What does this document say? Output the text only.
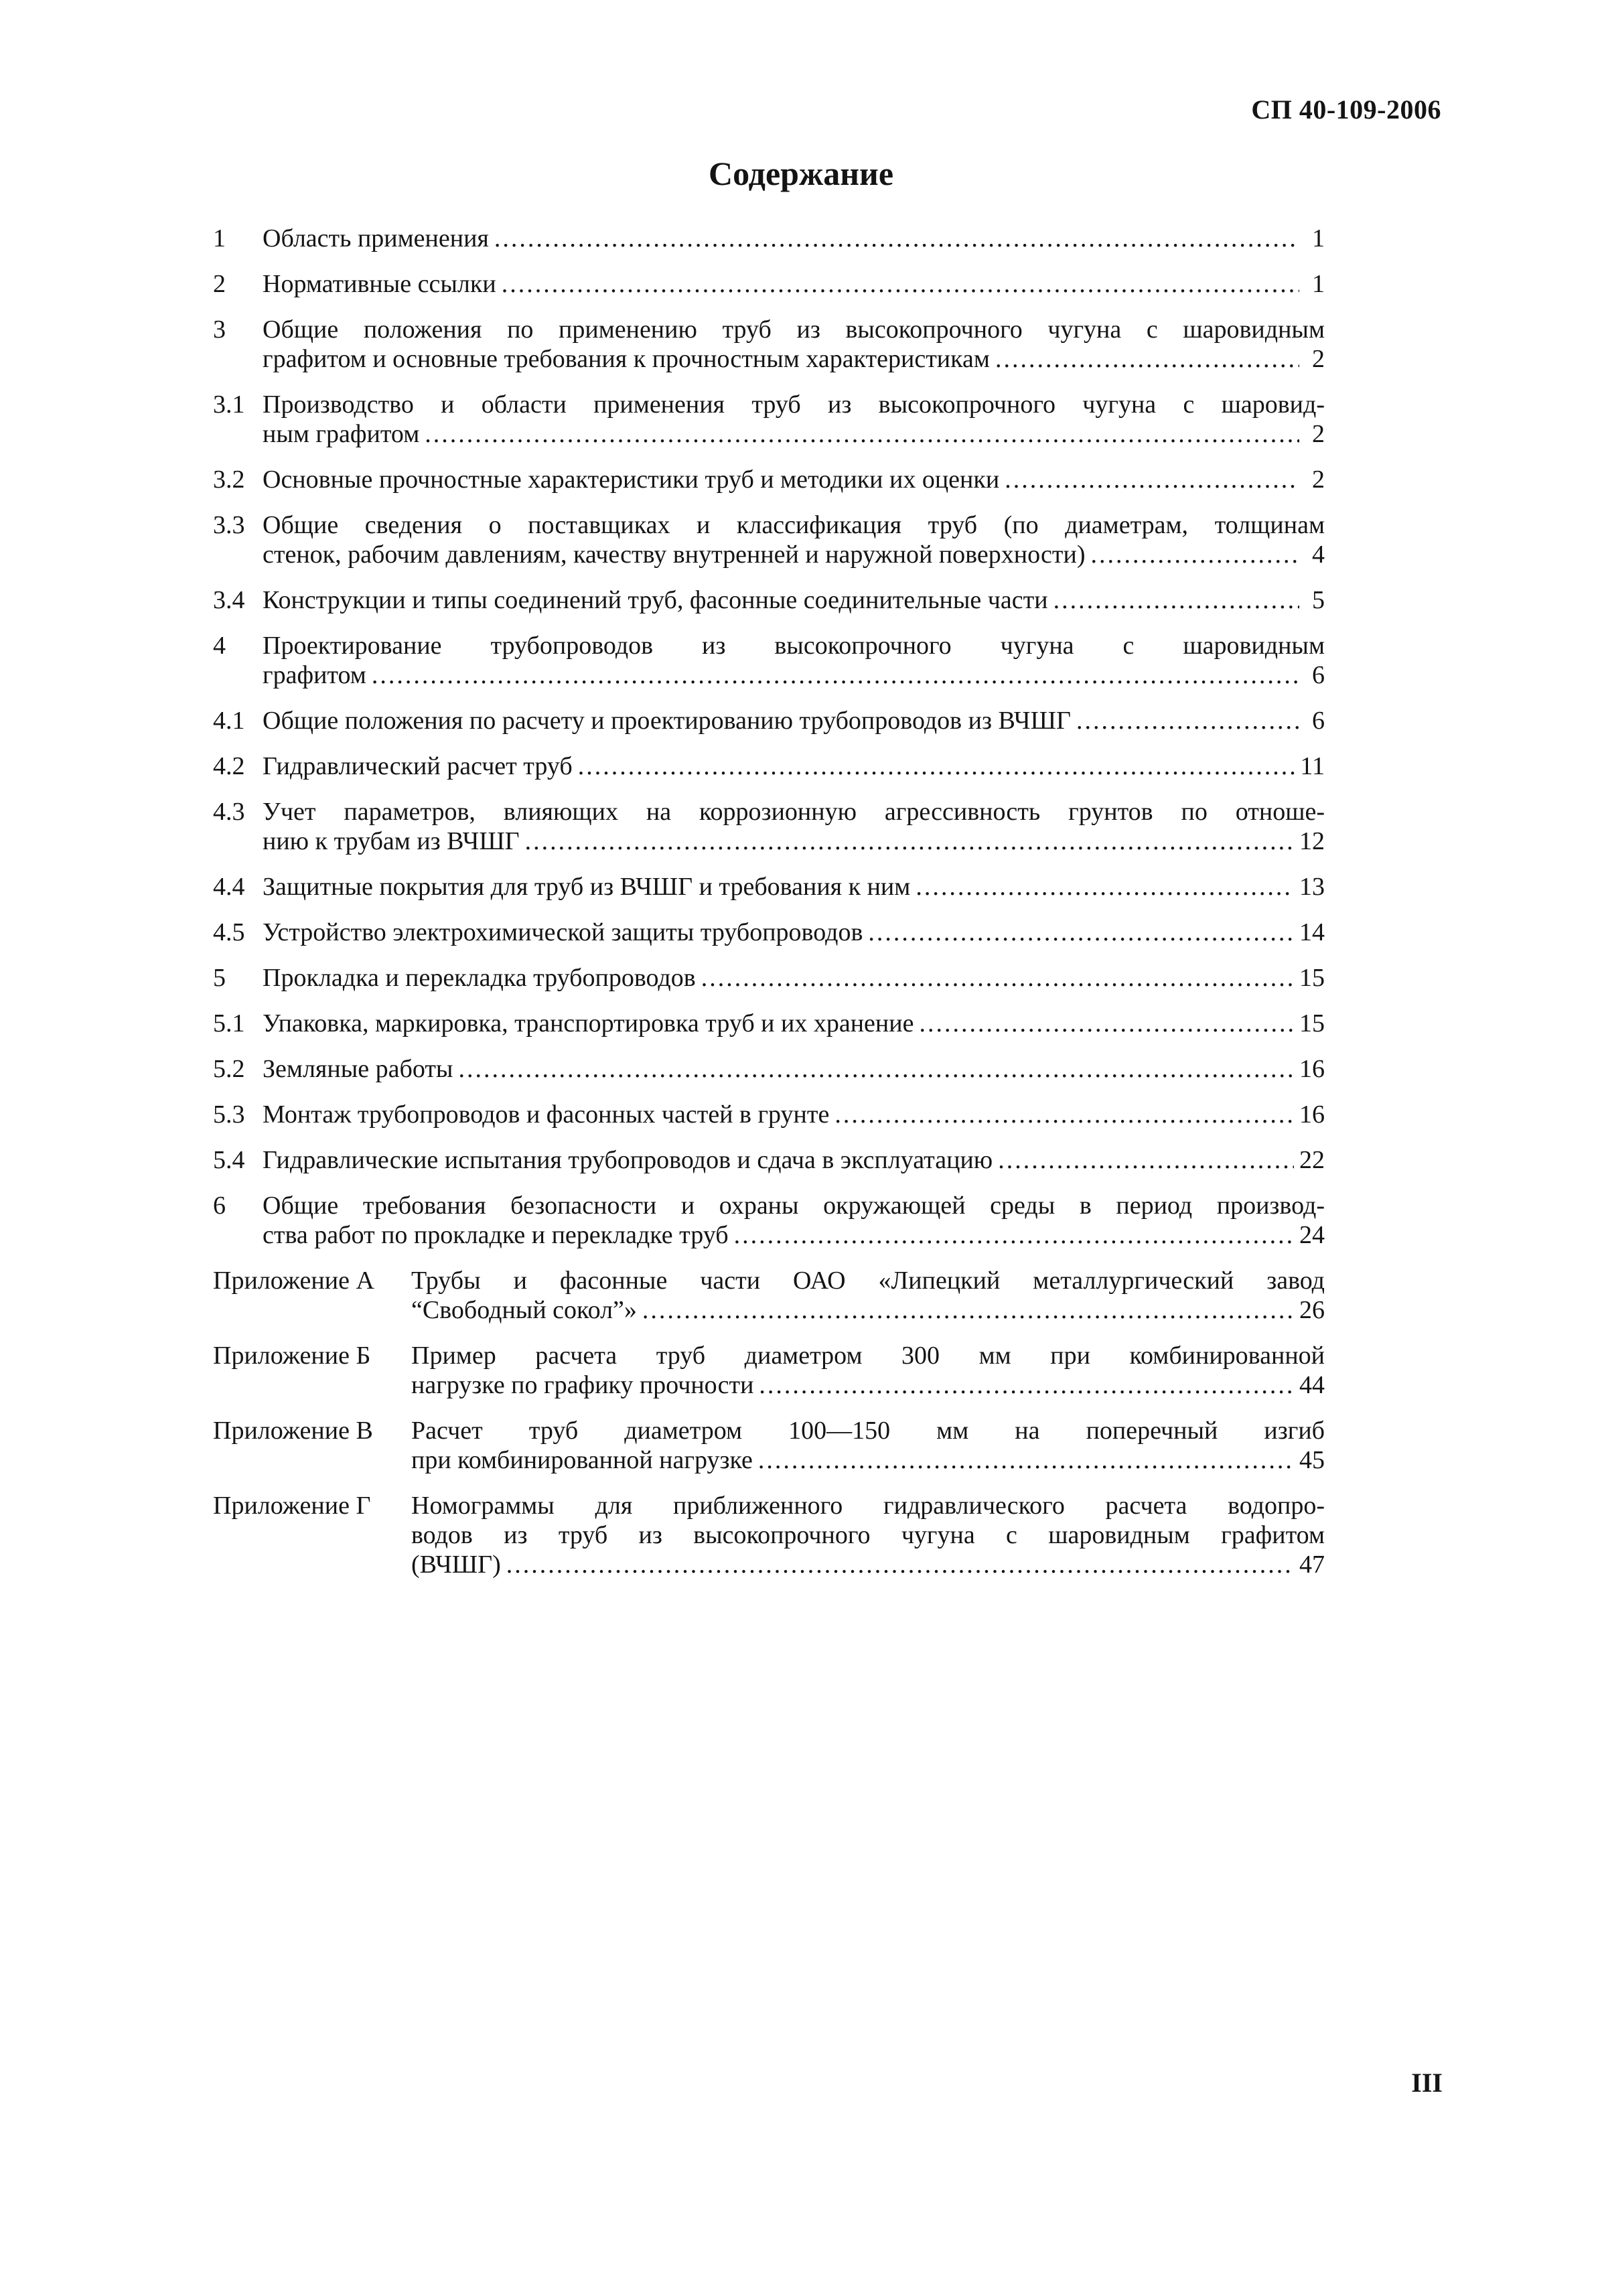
СП 40-109-2006
Содержание
1	Область применения .....	1
2	Нормативные ссылки .....	1
3	Общие положения по применению труб из высокопрочного чугуна с шаровидным
графитом и основные требования к прочностным характеристикам .....	2
3.1 Производство и области применения труб из высокопрочного чугуна с шаровид-
ным графитом .....	2
3.2 Основные прочностные характеристики труб и методики их оценки .....	2
3.3 Общие сведения о поставщиках и классификация труб (по диаметрам, толщинам
стенок, рабочим давлениям, качеству внутренней и наружной поверхности) .....	4
3.4 Конструкции и типы соединений труб, фасонные соединительные части .....	5
4	Проектирование трубопроводов из высокопрочного чугуна с шаровидным
графитом .....	6
4.1 Общие положения по расчету и проектированию трубопроводов из ВЧШГ .....	6
4.2 Гидравлический расчет труб .....	11
4.3 Учет параметров, влияющих на коррозионную агрессивность грунтов по отноше-
нию к трубам из ВЧШГ .....	12
4.4 Защитные покрытия для труб из ВЧШГ и требования к ним .....	13
4.5 Устройство электрохимической защиты трубопроводов .....	14
5	Прокладка и перекладка трубопроводов .....	15
5.1 Упаковка, маркировка, транспортировка труб и их хранение .....	15
5.2 Земляные работы .....	16
5.3 Монтаж трубопроводов и фасонных частей в грунте .....	16
5.4 Гидравлические испытания трубопроводов и сдача в эксплуатацию .....	22
6	Общие требования безопасности и охраны окружающей среды в период производ-
ства работ по прокладке и перекладке труб .....	24
Приложение А	Трубы и фасонные части ОАО «Липецкий металлургический завод
“Свободный сокол”» .....	26
Приложение Б	Пример расчета труб диаметром 300 мм при комбинированной
нагрузке по графику прочности .....	44
Приложение В	Расчет труб диаметром 100—150 мм на поперечный изгиб
при комбинированной нагрузке .....	45
Приложение Г	Номограммы для приближенного гидравлического расчета водопро-
водов из труб из высокопрочного чугуна с шаровидным графитом
(ВЧШГ) .....	47
III
